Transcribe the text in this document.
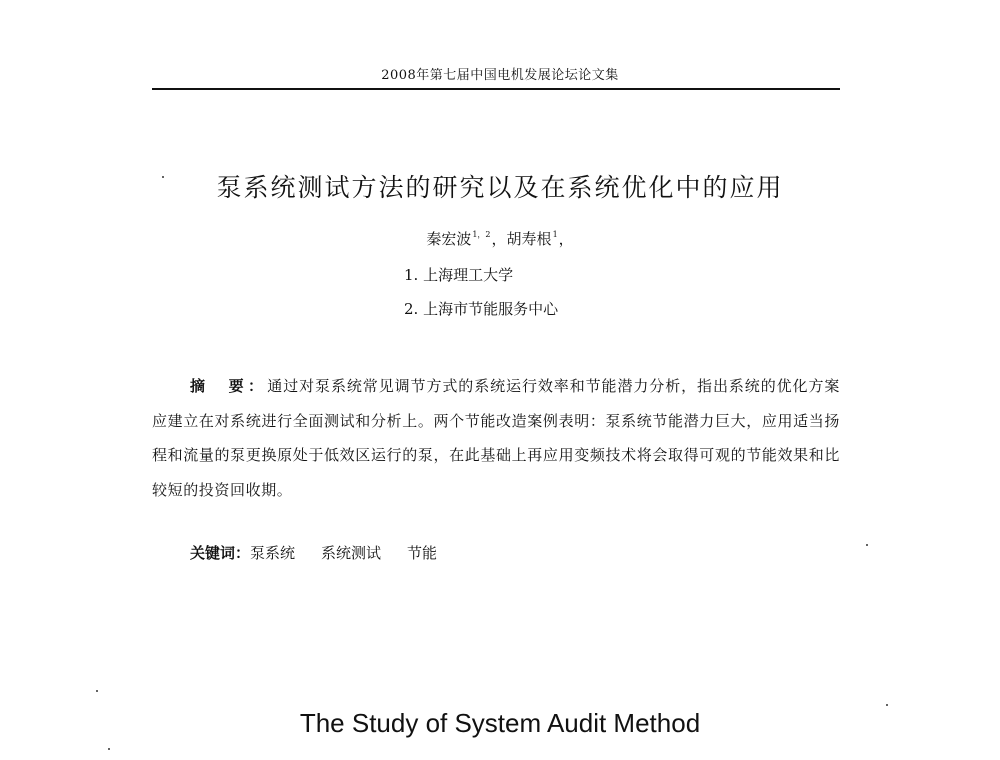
2008年第七届中国电机发展论坛论文集
泵系统测试方法的研究以及在系统优化中的应用
秦宏波$^{1,2}$，胡寿根$^1$，
1. 上海理工大学
2. 上海市节能服务中心
摘　要：通过对泵系统常见调节方式的系统运行效率和节能潜力分析，指出系统的优化方案应建立在对系统进行全面测试和分析上。两个节能改造案例表明：泵系统节能潜力巨大，应用适当扬程和流量的泵更换原处于低效区运行的泵，在此基础上再应用变频技术将会取得可观的节能效果和比较短的投资回收期。
关键词：泵系统 系统测试 节能
The Study of System Audit Method
